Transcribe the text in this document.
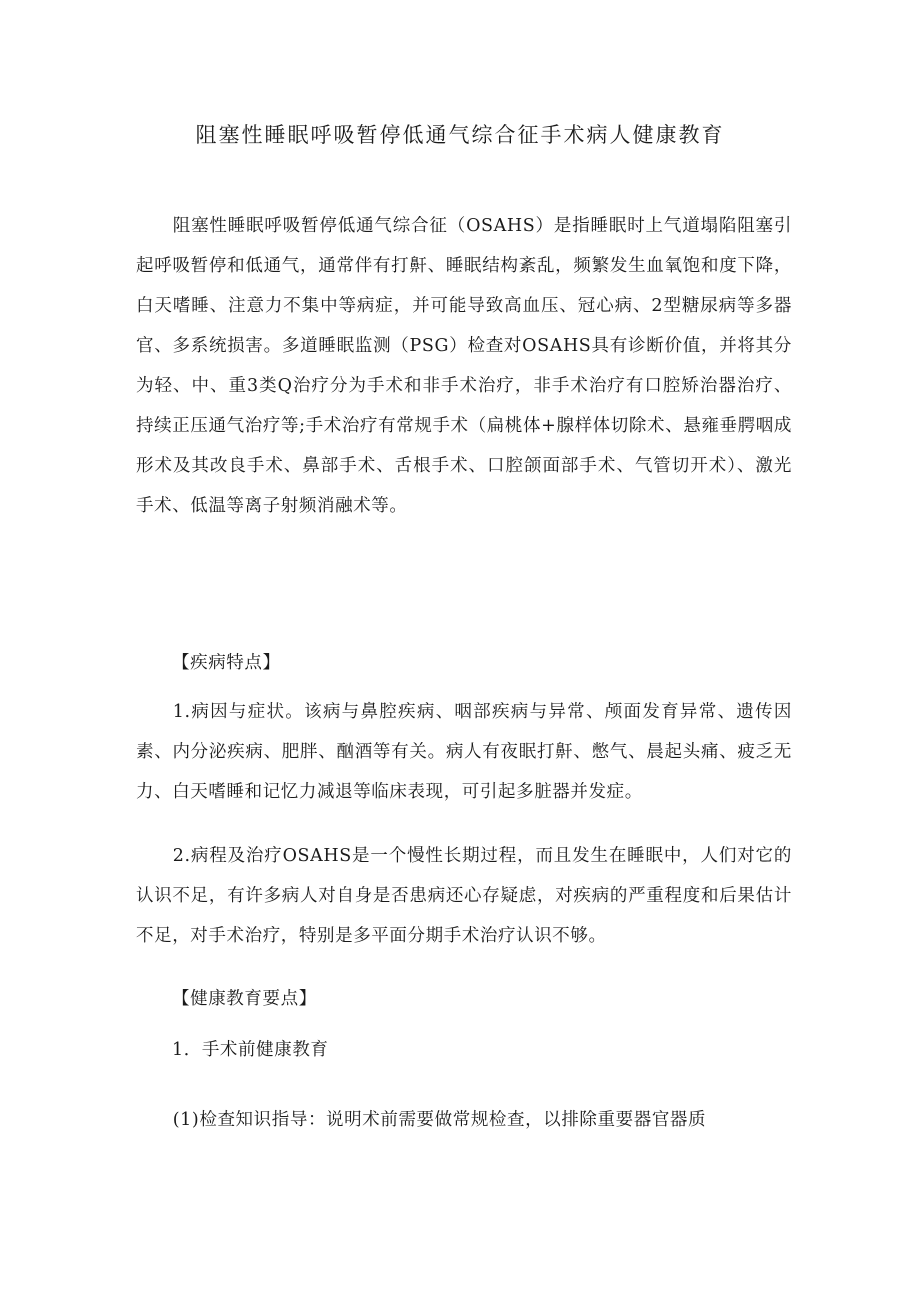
阻塞性睡眠呼吸暂停低通气综合征手术病人健康教育

阻塞性睡眠呼吸暂停低通气综合征（OSAHS）是指睡眠时上气道塌陷阻塞引起呼吸暂停和低通气，通常伴有打鼾、睡眠结构紊乱，频繁发生血氧饱和度下降，白天嗜睡、注意力不集中等病症，并可能导致高血压、冠心病、2型糖尿病等多器官、多系统损害。多道睡眠监测（PSG）检查对OSAHS具有诊断价值，并将其分为轻、中、重3类Q治疗分为手术和非手术治疗，非手术治疗有口腔矫治器治疗、持续正压通气治疗等;手术治疗有常规手术（扁桃体+腺样体切除术、悬雍垂腭咽成形术及其改良手术、鼻部手术、舌根手术、口腔颌面部手术、气管切开术）、激光手术、低温等离子射频消融术等。

【疾病特点】

1.病因与症状。该病与鼻腔疾病、咽部疾病与异常、颅面发育异常、遗传因素、内分泌疾病、肥胖、酗酒等有关。病人有夜眠打鼾、憋气、晨起头痛、疲乏无力、白天嗜睡和记忆力减退等临床表现，可引起多脏器并发症。

2.病程及治疗OSAHS是一个慢性长期过程，而且发生在睡眠中，人们对它的认识不足，有许多病人对自身是否患病还心存疑虑，对疾病的严重程度和后果估计不足，对手术治疗，特别是多平面分期手术治疗认识不够。

【健康教育要点】

1．手术前健康教育

(1)检查知识指导：说明术前需要做常规检查，以排除重要器官器质
